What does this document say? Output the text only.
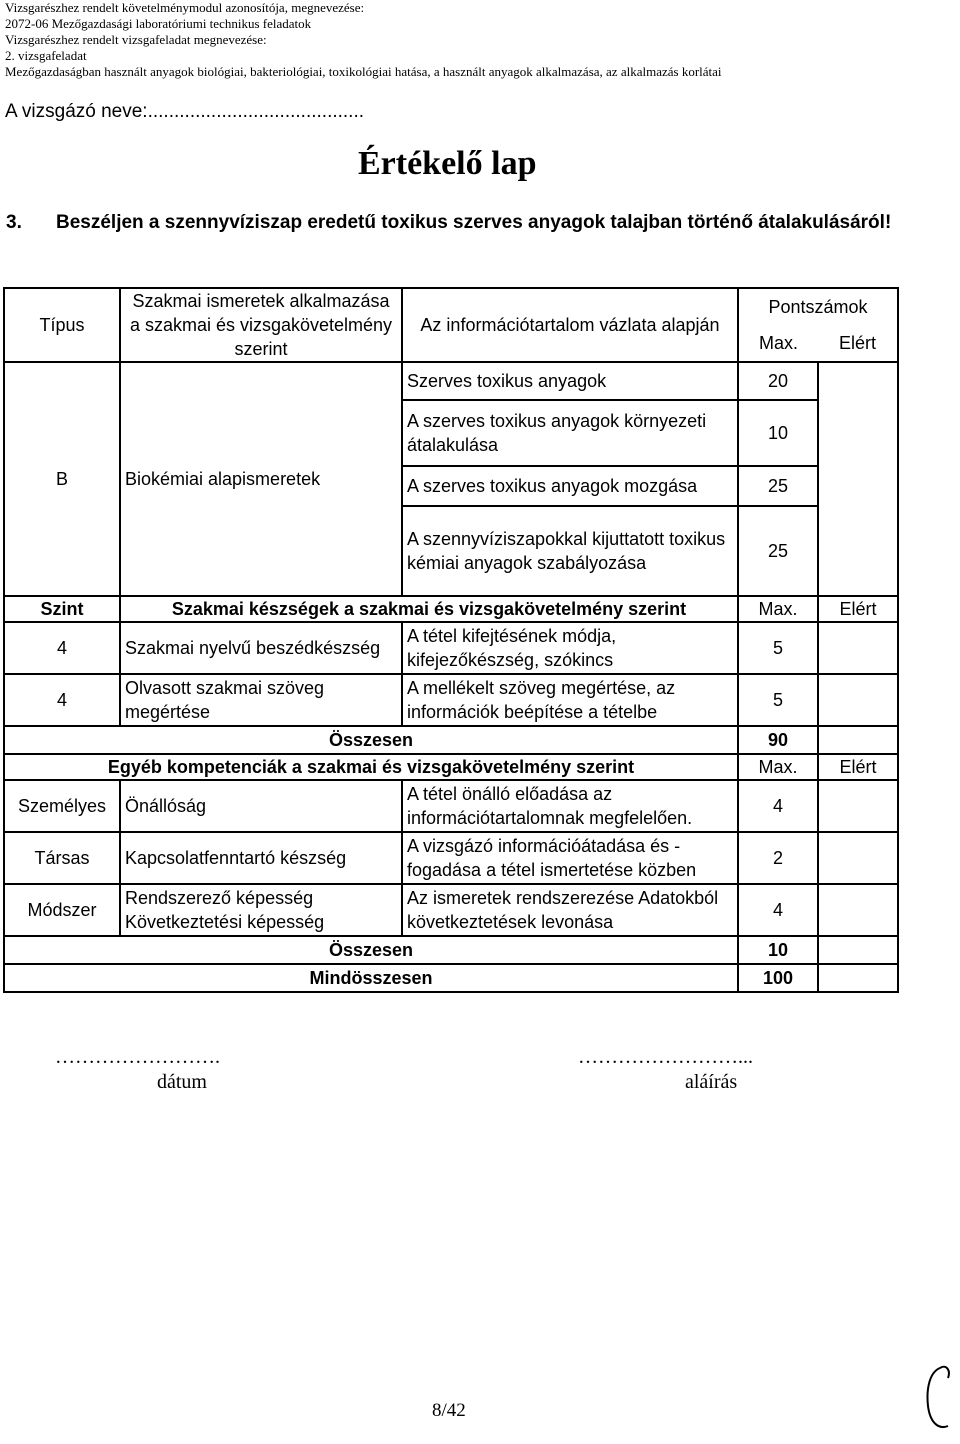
Vizsgarészhez rendelt követelménymodul azonosítója, megnevezése:
2072-06 Mezőgazdasági laboratóriumi technikus feladatok
Vizsgarészhez rendelt vizsgafeladat megnevezése:
2. vizsgafeladat
Mezőgazdaságban használt anyagok biológiai, bakteriológiai, toxikológiai hatása, a használt anyagok alkalmazása, az alkalmazás korlátai
A vizsgázó neve:.........................................
Értékelő lap
3. Beszéljen a szennyvíziszap eredetű toxikus szerves anyagok talajban történő átalakulásáról!
Típus	Szakmai ismeretek alkalmazása a szakmai és vizsgakövetelmény szerint	Az információtartalom vázlata alapján	Pontszámok	
			Max.	Elért
B	Biokémiai alapismeretek	Szerves toxikus anyagok	20	
		A szerves toxikus anyagok környezeti átalakulása	10	
		A szerves toxikus anyagok mozgása	25	
		A szennyvíziszapokkal kijuttatott toxikus kémiai anyagok szabályozása	25	
Szint	Szakmai készségek a szakmai és vizsgakövetelmény szerint		Max.	Elért
4	Szakmai nyelvű beszédkészség	A tétel kifejtésének módja, kifejezőkészség, szókincs	5	
4	Olvasott szakmai szöveg megértése	A mellékelt szöveg megértése, az információk beépítése a tételbe	5	
Összesen			90	
Egyéb kompetenciák a szakmai és vizsgakövetelmény szerint			Max.	Elért
Személyes	Önállóság	A tétel önálló előadása az információtartalomnak megfelelően.	4	
Társas	Kapcsolatfenntartó készség	A vizsgázó információátadása és -fogadása a tétel ismertetése közben	2	
Módszer	Rendszerező képesség Következtetési képesség	Az ismeretek rendszerezése Adatokból következtetések levonása	4	
Összesen			10	
Mindösszesen			100	
…………………….
dátum
……………………...
aláírás
8/42
